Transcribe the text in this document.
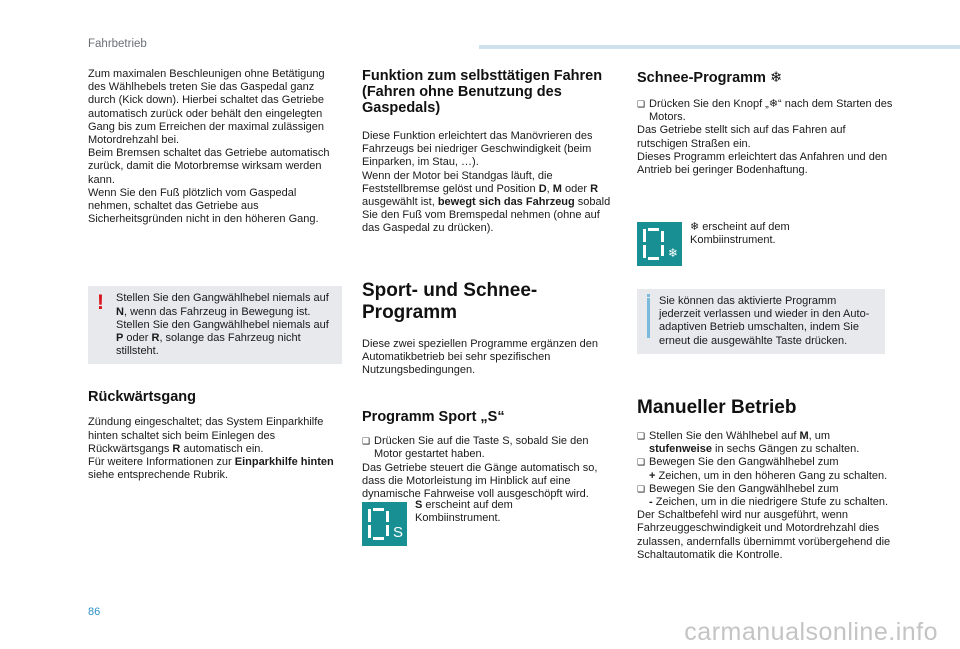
Fahrbetrieb

Zum maximalen Beschleunigen ohne Betätigung des Wählhebels treten Sie das Gaspedal ganz durch (Kick down). Hierbei schaltet das Getriebe automatisch zurück oder behält den eingelegten Gang bis zum Erreichen der maximal zulässigen Motordrehzahl bei.

Beim Bremsen schaltet das Getriebe automatisch zurück, damit die Motorbremse wirksam werden kann.

Wenn Sie den Fuß plötzlich vom Gaspedal nehmen, schaltet das Getriebe aus Sicherheitsgründen nicht in den höheren Gang.

! Stellen Sie den Gangwählhebel niemals auf N, wenn das Fahrzeug in Bewegung ist.

Stellen Sie den Gangwählhebel niemals auf P oder R, solange das Fahrzeug nicht stillsteht.

Rückwärtsgang

Zündung eingeschaltet; das System Einparkhilfe hinten schaltet sich beim Einlegen des Rückwärtsgangs R automatisch ein.

Für weitere Informationen zur Einparkhilfe hinten siehe entsprechende Rubrik.

Funktion zum selbsttätigen Fahren (Fahren ohne Benutzung des Gaspedals)

Diese Funktion erleichtert das Manövrieren des Fahrzeugs bei niedriger Geschwindigkeit (beim Einparken, im Stau, …).

Wenn der Motor bei Standgas läuft, die Feststellbremse gelöst und Position D, M oder R ausgewählt ist, bewegt sich das Fahrzeug sobald Sie den Fuß vom Bremspedal nehmen (ohne auf das Gaspedal zu drücken).

Sport- und Schnee-Programm

Diese zwei speziellen Programme ergänzen den Automatikbetrieb bei sehr spezifischen Nutzungsbedingungen.

Programm Sport „S“
❑ Drücken Sie auf die Taste S, sobald Sie den Motor gestartet haben.

Das Getriebe steuert die Gänge automatisch so, dass die Motorleistung im Hinblick auf eine dynamische Fahrweise voll ausgeschöpft wird.

S

S erscheint auf dem Kombiinstrument.

Schnee-Programm ❄
❑ Drücken Sie den Knopf „❄“ nach dem Starten des Motors.

Das Getriebe stellt sich auf das Fahren auf rutschigen Straßen ein.

Dieses Programm erleichtert das Anfahren und den Antrieb bei geringer Bodenhaftung.

❄

❄ erscheint auf dem Kombiinstrument.

Sie können das aktivierte Programm jederzeit verlassen und wieder in den Auto-adaptiven Betrieb umschalten, indem Sie erneut die ausgewählte Taste drücken.

Manueller Betrieb
❑ Stellen Sie den Wählhebel auf M, um stufenweise in sechs Gängen zu schalten.
❑ Bewegen Sie den Gangwählhebel zum
+ Zeichen, um in den höheren Gang zu schalten.
❑ Bewegen Sie den Gangwählhebel zum
- Zeichen, um in die niedrigere Stufe zu schalten.

Der Schaltbefehl wird nur ausgeführt, wenn Fahrzeuggeschwindigkeit und Motordrehzahl dies zulassen, andernfalls übernimmt vorübergehend die Schaltautomatik die Kontrolle.

86
carmanualsonline.info
